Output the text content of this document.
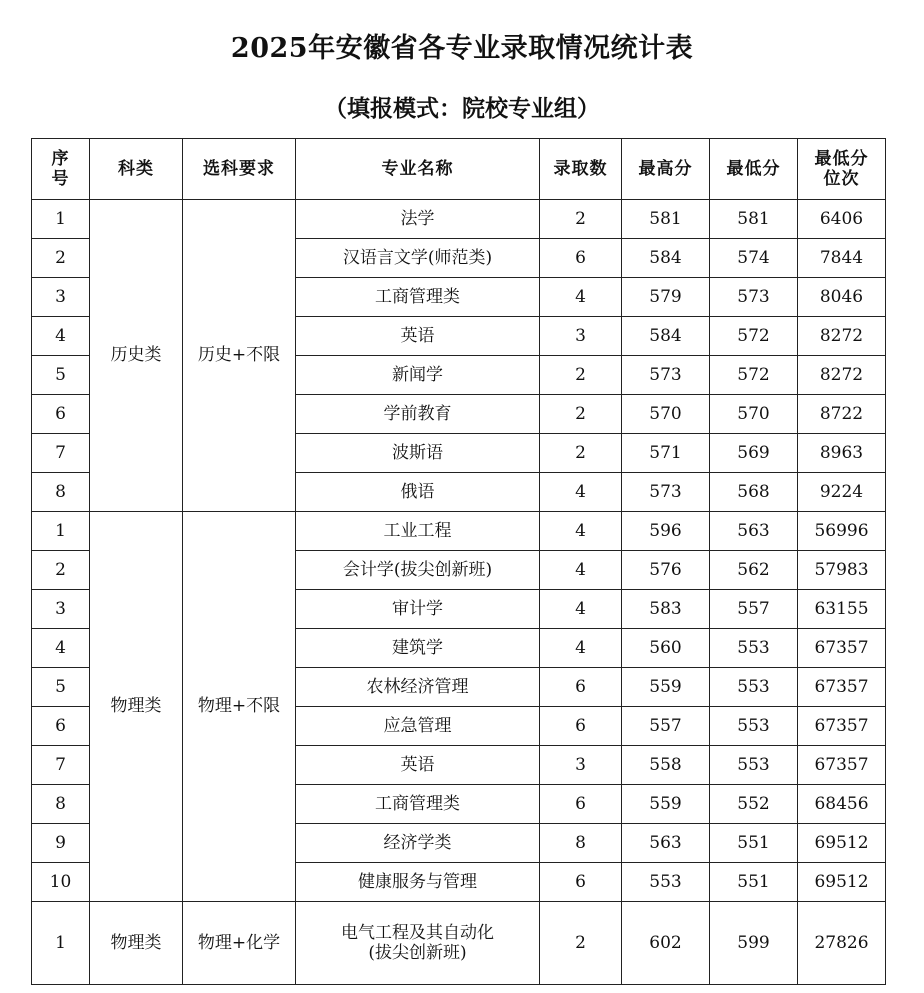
2025年安徽省各专业录取情况统计表
（填报模式：院校专业组）
序
号	科类	选科要求	专业名称	录取数	最高分	最低分	最低分
位次

1	历史类	历史+不限	法学	2	581	581	6406
2			汉语言文学(师范类)	6	584	574	7844
3			工商管理类	4	579	573	8046
4			英语	3	584	572	8272
5			新闻学	2	573	572	8272
6			学前教育	2	570	570	8722
7			波斯语	2	571	569	8963
8			俄语	4	573	568	9224
1	物理类	物理+不限	工业工程	4	596	563	56996
2			会计学(拔尖创新班)	4	576	562	57983
3			审计学	4	583	557	63155
4			建筑学	4	560	553	67357
5			农林经济管理	6	559	553	67357
6			应急管理	6	557	553	67357
7			英语	3	558	553	67357
8			工商管理类	6	559	552	68456
9			经济学类	8	563	551	69512
10			健康服务与管理	6	553	551	69512
1	物理类	物理+化学	电气工程及其自动化
(拔尖创新班)	2	602	599	27826
